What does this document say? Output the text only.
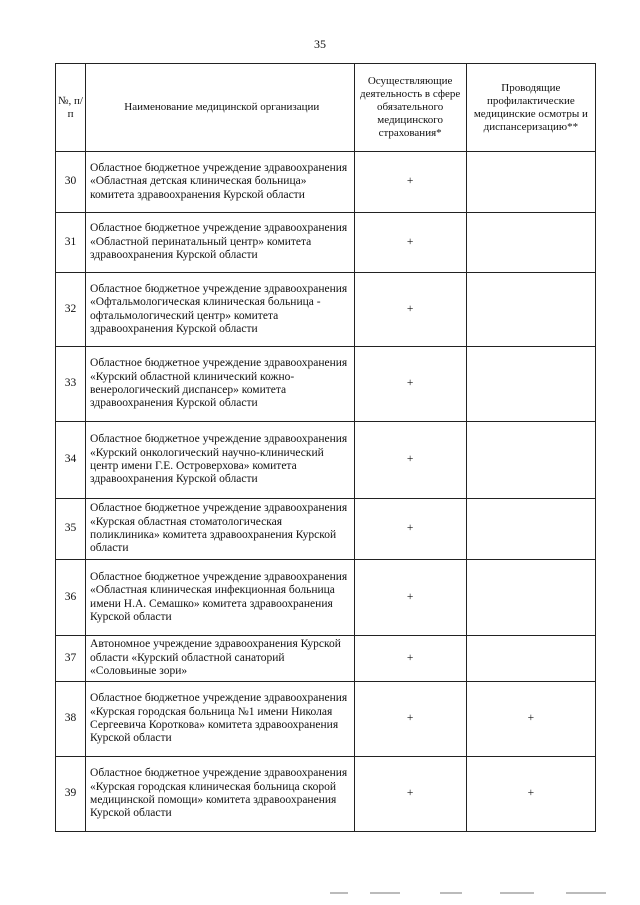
35
№, п/п	Наименование медицинской организации	Осуществляющие деятельность в сфере обязательного медицинского страхования*	Проводящие профилактические медицинские осмотры и диспансеризацию**
30	Областное бюджетное учреждение здравоохранения «Областная детская клиническая больница» комитета здравоохранения Курской области	+	
31	Областное бюджетное учреждение здравоохранения «Областной перинатальный центр» комитета здравоохранения Курской области	+	
32	Областное бюджетное учреждение здравоохранения «Офтальмологическая клиническая больница - офтальмологический центр» комитета здравоохранения Курской области	+	
33	Областное бюджетное учреждение здравоохранения «Курский областной клинический кожно-венерологический диспансер» комитета здравоохранения Курской области	+	
34	Областное бюджетное учреждение здравоохранения «Курский онкологический научно-клинический центр имени Г.Е. Островерхова» комитета здравоохранения Курской области	+	
35	Областное бюджетное учреждение здравоохранения «Курская областная стоматологическая поликлиника» комитета здравоохранения Курской области	+	
36	Областное бюджетное учреждение здравоохранения «Областная клиническая инфекционная больница имени Н.А. Семашко» комитета здравоохранения Курской области	+	
37	Автономное учреждение здравоохранения Курской области «Курский областной санаторий «Соловьиные зори»	+	
38	Областное бюджетное учреждение здравоохранения «Курская городская больница №1 имени Николая Сергеевича Короткова» комитета здравоохранения Курской области	+	+
39	Областное бюджетное учреждение здравоохранения «Курская городская клиническая больница скорой медицинской помощи» комитета здравоохранения Курской области	+	+
